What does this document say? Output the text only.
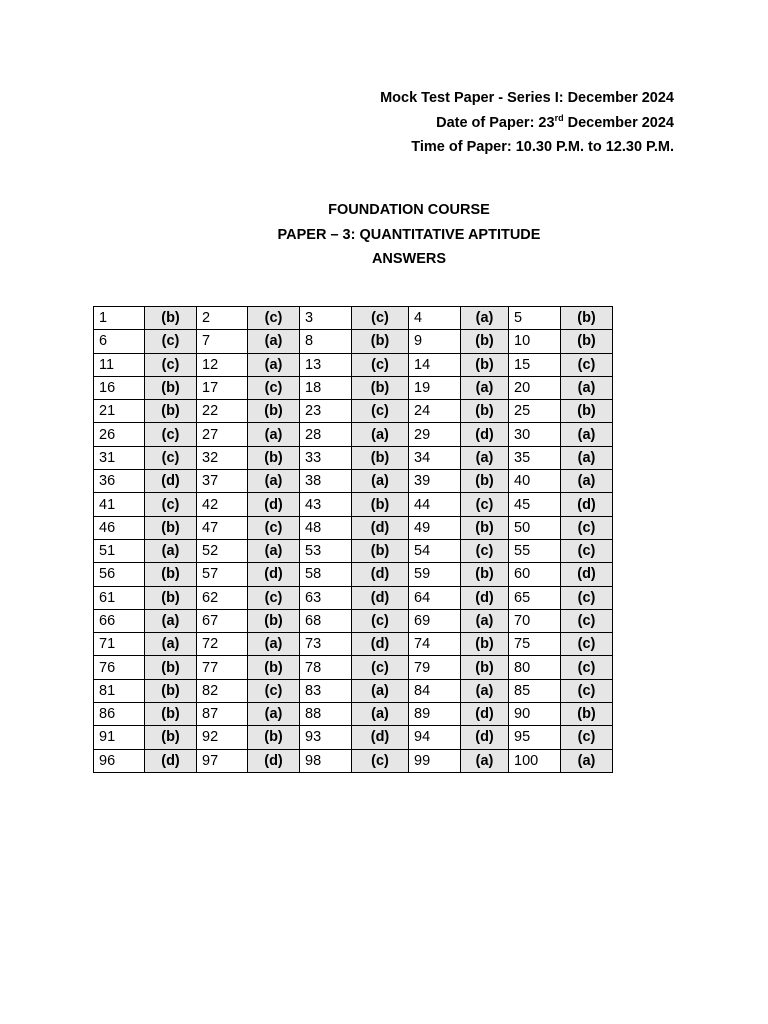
Mock Test Paper - Series I: December 2024
Date of Paper: 23rd December 2024
Time of Paper: 10.30 P.M. to 12.30 P.M.
FOUNDATION COURSE
PAPER – 3: QUANTITATIVE APTITUDE
ANSWERS
1	(b)	2	(c)	3	(c)	4	(a)	5	(b)
6	(c)	7	(a)	8	(b)	9	(b)	10	(b)
11	(c)	12	(a)	13	(c)	14	(b)	15	(c)
16	(b)	17	(c)	18	(b)	19	(a)	20	(a)
21	(b)	22	(b)	23	(c)	24	(b)	25	(b)
26	(c)	27	(a)	28	(a)	29	(d)	30	(a)
31	(c)	32	(b)	33	(b)	34	(a)	35	(a)
36	(d)	37	(a)	38	(a)	39	(b)	40	(a)
41	(c)	42	(d)	43	(b)	44	(c)	45	(d)
46	(b)	47	(c)	48	(d)	49	(b)	50	(c)
51	(a)	52	(a)	53	(b)	54	(c)	55	(c)
56	(b)	57	(d)	58	(d)	59	(b)	60	(d)
61	(b)	62	(c)	63	(d)	64	(d)	65	(c)
66	(a)	67	(b)	68	(c)	69	(a)	70	(c)
71	(a)	72	(a)	73	(d)	74	(b)	75	(c)
76	(b)	77	(b)	78	(c)	79	(b)	80	(c)
81	(b)	82	(c)	83	(a)	84	(a)	85	(c)
86	(b)	87	(a)	88	(a)	89	(d)	90	(b)
91	(b)	92	(b)	93	(d)	94	(d)	95	(c)
96	(d)	97	(d)	98	(c)	99	(a)	100	(a)
